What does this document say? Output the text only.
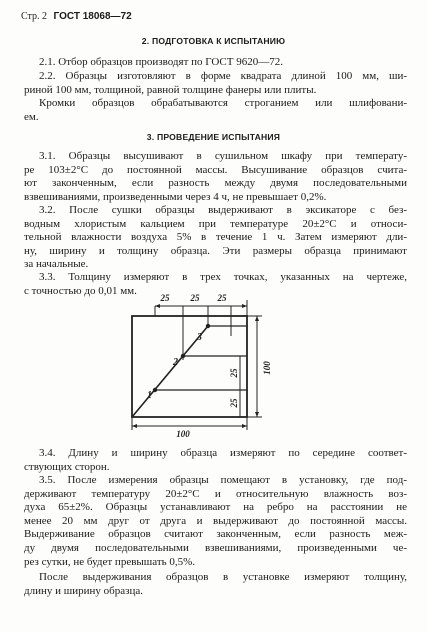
Стр. 2 ГОСТ 18068—72
2. ПОДГОТОВКА К ИСПЫТАНИЮ
2.1. Отбор образцов производят по ГОСТ 9620—72.
2.2. Образцы изготовляют в форме квадрата длиной 100 мм, ши-
риной 100 мм, толщиной, равной толщине фанеры или плиты.
Кромки образцов обрабатываются строганием или шлифовани-
ем.
3. ПРОВЕДЕНИЕ ИСПЫТАНИЯ
3.1. Образцы высушивают в сушильном шкафу при температу-
ре 103±2°С до постоянной массы. Высушивание образцов счита-
ют законченным, если разность между двумя последовательными
взвешиваниями, произведенными через 4 ч, не превышает 0,2%.
3.2. После сушки образцы выдерживают в эксикаторе с без-
водным хлористым кальцием при температуре 20±2°С и относи-
тельной влажности воздуха 5% в течение 1 ч. Затем измеряют дли-
ну, ширину и толщину образца. Эти размеры образца принимают
за начальные.
3.3. Толщину измеряют в трех точках, указанных на чертеже,
с точностью до 0,01 мм.
25 25 25
100
25
25
100
1
2
3
3.4. Длину и ширину образца измеряют по середине соответ-
ствующих сторон.
3.5. После измерения образцы помещают в установку, где под-
держивают температуру 20±2°С и относительную влажность воз-
духа 65±2%. Образцы устанавливают на ребро на расстоянии не
менее 20 мм друг от друга и выдерживают до постоянной массы.
Выдерживание образцов считают законченным, если разность меж-
ду двумя последовательными взвешиваниями, произведенными че-
рез сутки, не будет превышать 0,5%.
После выдерживания образцов в установке измеряют толщину,
длину и ширину образца.
